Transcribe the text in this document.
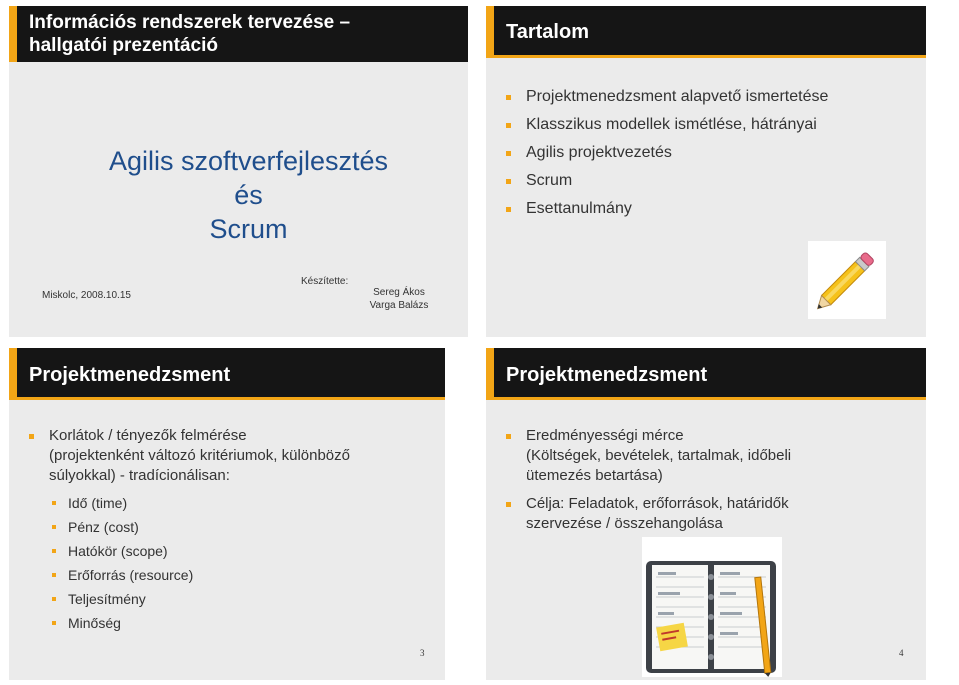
Információs rendszerek tervezése –
hallgatói prezentáció
Agilis szoftverfejlesztés
és
Scrum
Miskolc, 2008.10.15
Készítette:
Sereg Ákos
Varga Balázs
Tartalom
Projektmenedzsment alapvető ismertetése
Klasszikus modellek ismétlése, hátrányai
Agilis projektvezetés
Scrum
Esettanulmány
Projektmenedzsment
Korlátok / tényezők felmérése
(projektenként változó kritériumok, különböző
súlyokkal) - tradícionálisan:
Idő (time)
Pénz (cost)
Hatókör (scope)
Erőforrás (resource)
Teljesítmény
Minőség
3
Projektmenedzsment
Eredményességi mérce
(Költségek, bevételek, tartalmak, időbeli
ütemezés betartása)
Célja: Feladatok, erőforrások, határidők
szervezése / összehangolása
4
